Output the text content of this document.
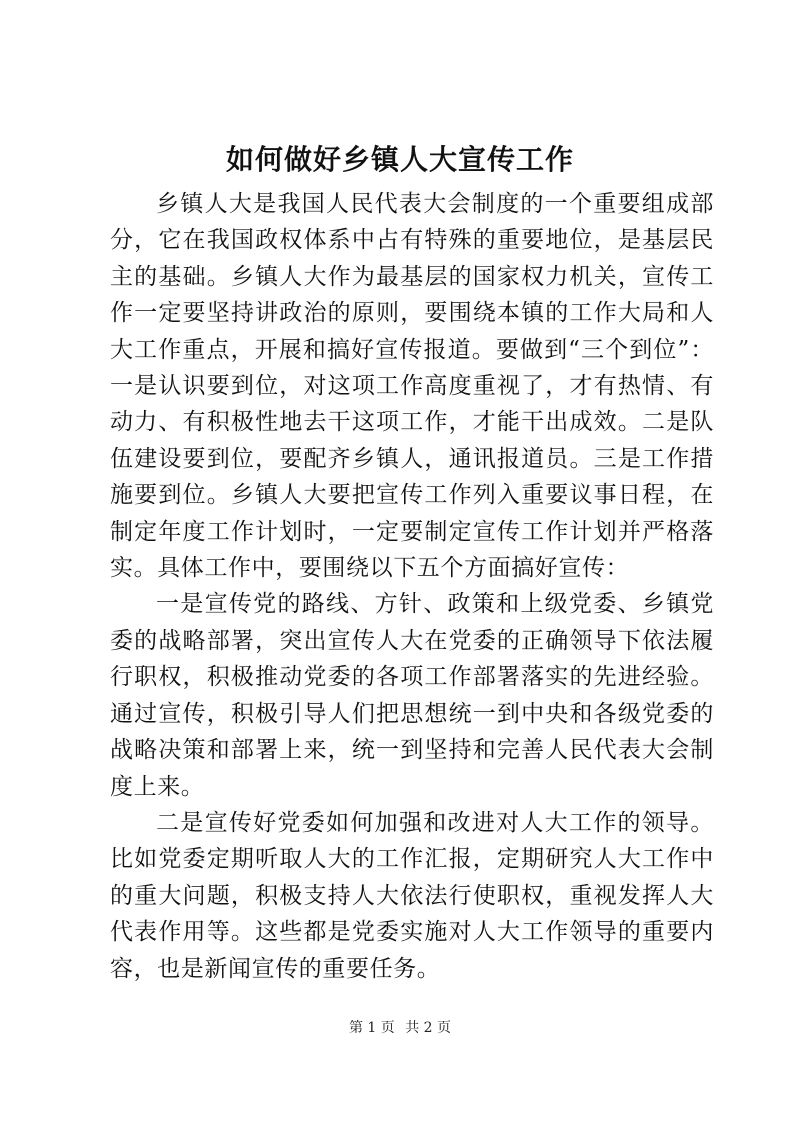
如何做好乡镇人大宣传工作

乡镇人大是我国人民代表大会制度的一个重要组成部分，它在我国政权体系中占有特殊的重要地位，是基层民主的基础。乡镇人大作为最基层的国家权力机关，宣传工作一定要坚持讲政治的原则，要围绕本镇的工作大局和人大工作重点，开展和搞好宣传报道。要做到“三个到位”：一是认识要到位，对这项工作高度重视了，才有热情、有动力、有积极性地去干这项工作，才能干出成效。二是队伍建设要到位，要配齐乡镇人，通讯报道员。三是工作措施要到位。乡镇人大要把宣传工作列入重要议事日程，在制定年度工作计划时，一定要制定宣传工作计划并严格落实。具体工作中，要围绕以下五个方面搞好宣传：

一是宣传党的路线、方针、政策和上级党委、乡镇党委的战略部署，突出宣传人大在党委的正确领导下依法履行职权，积极推动党委的各项工作部署落实的先进经验。通过宣传，积极引导人们把思想统一到中央和各级党委的战略决策和部署上来，统一到坚持和完善人民代表大会制度上来。

二是宣传好党委如何加强和改进对人大工作的领导。比如党委定期听取人大的工作汇报，定期研究人大工作中的重大问题，积极支持人大依法行使职权，重视发挥人大代表作用等。这些都是党委实施对人大工作领导的重要内容，也是新闻宣传的重要任务。

第 1 页 共 2 页
